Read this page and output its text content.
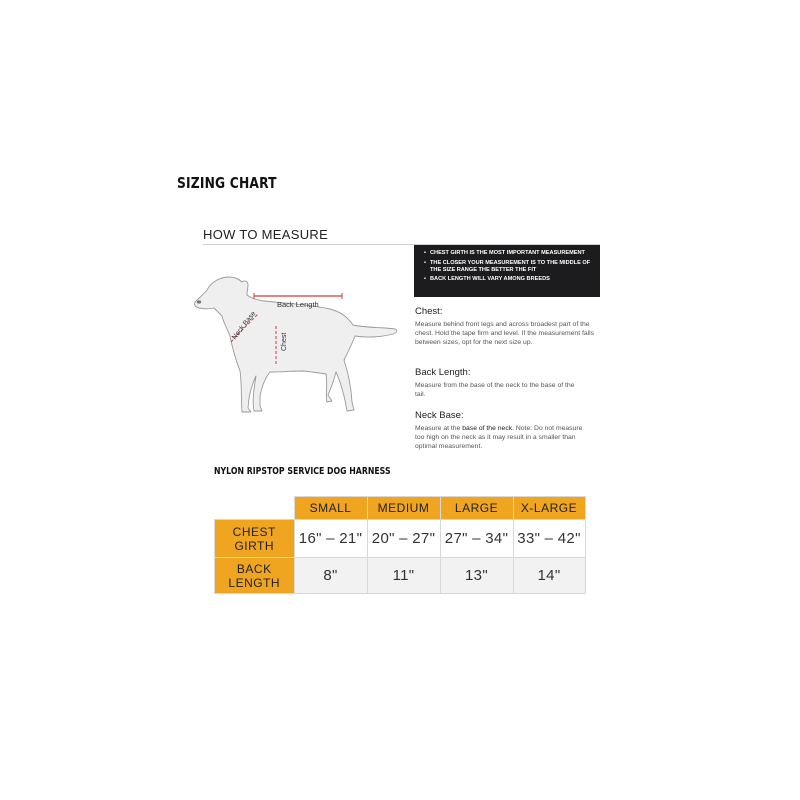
SIZING CHART
HOW TO MEASURE
• CHEST GIRTH IS THE MOST IMPORTANT MEASUREMENT
• THE CLOSER YOUR MEASUREMENT IS TO THE MIDDLE OF THE SIZE RANGE THE BETTER THE FIT
• BACK LENGTH WILL VARY AMONG BREEDS
Back Length
Neck Base
Chest
Chest:
Measure behind front legs and across broadest part of the chest. Hold the tape firm and level. If the measurement falls between sizes, opt for the next size up.
Back Length:
Measure from the base of the neck to the base of the tail.
Neck Base:
Measure at the base of the neck. Note: Do not measure too high on the neck as it may result in a smaller than optimal measurement.
NYLON RIPSTOP SERVICE DOG HARNESS
	SMALL	MEDIUM	LARGE	X-LARGE
CHEST
GIRTH	16" – 21"	20" – 27"	27" – 34"	33" – 42"
BACK
LENGTH	8"	11"	13"	14"
